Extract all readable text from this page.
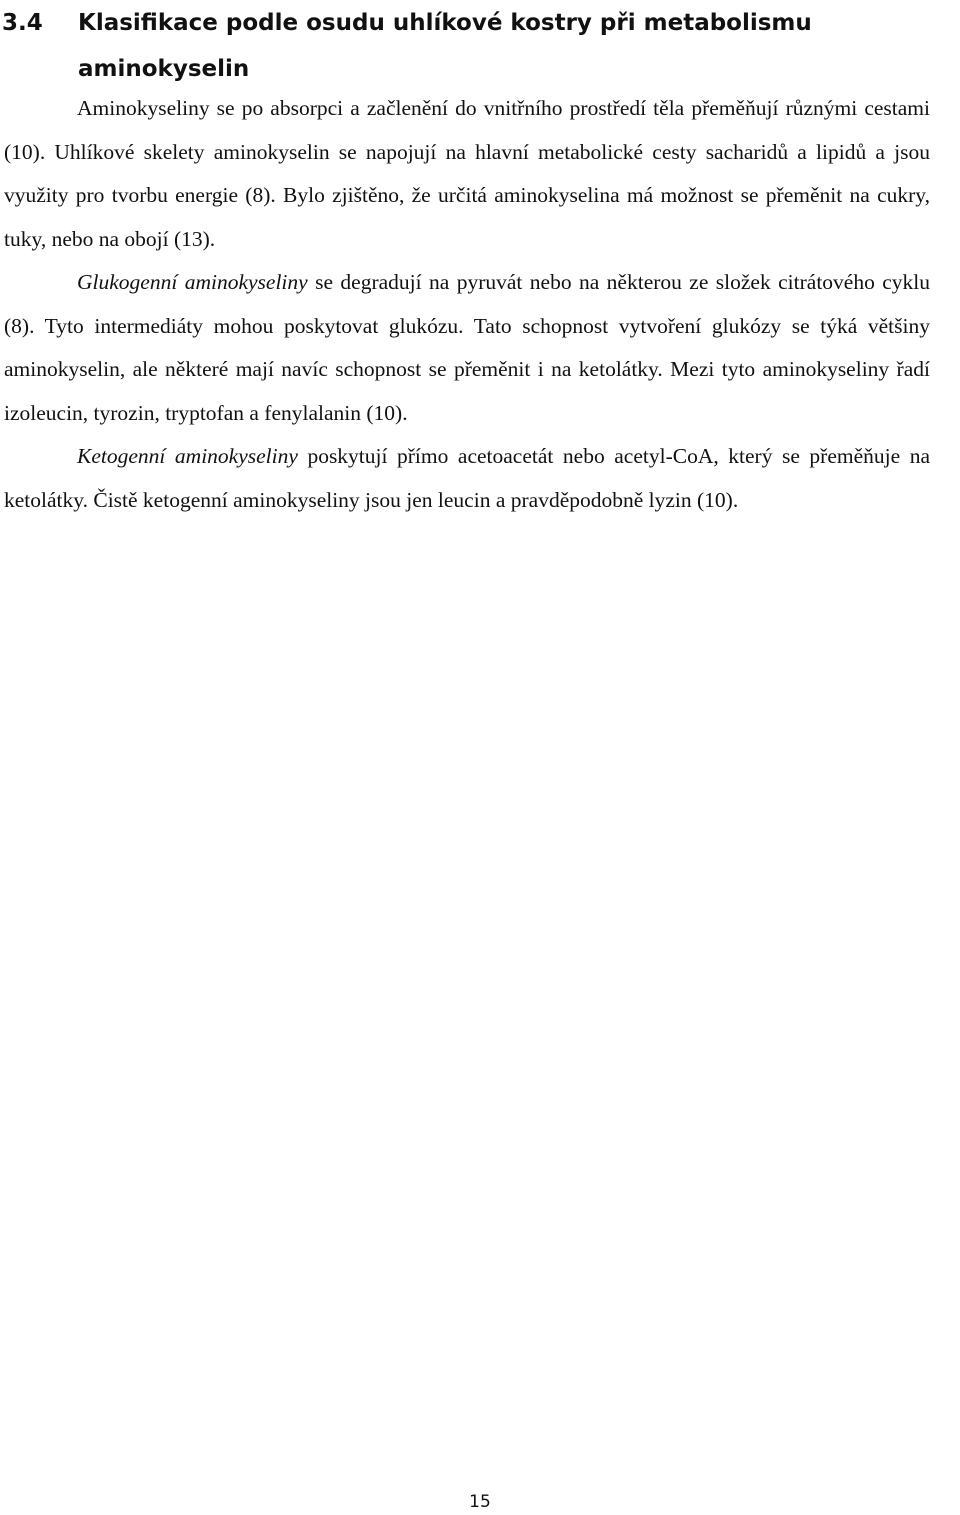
3.4 Klasifikace podle osudu uhlíkové kostry při metabolismu aminokyselin

Aminokyseliny se po absorpci a začlenění do vnitřního prostředí těla přeměňují různými cestami (10). Uhlíkové skelety aminokyselin se napojují na hlavní metabolické cesty sacharidů a lipidů a jsou využity pro tvorbu energie (8). Bylo zjištěno, že určitá aminokyselina má možnost se přeměnit na cukry, tuky, nebo na obojí (13).

Glukogenní aminokyseliny se degradují na pyruvát nebo na některou ze složek citrátového cyklu (8). Tyto intermediáty mohou poskytovat glukózu. Tato schopnost vytvoření glukózy se týká většiny aminokyselin, ale některé mají navíc schopnost se přeměnit i na ketolátky. Mezi tyto aminokyseliny řadí izoleucin, tyrozin, tryptofan a fenylalanin (10).

Ketogenní aminokyseliny poskytují přímo acetoacetát nebo acetyl-CoA, který se přeměňuje na ketolátky. Čistě ketogenní aminokyseliny jsou jen leucin a pravděpodobně lyzin (10).

15
